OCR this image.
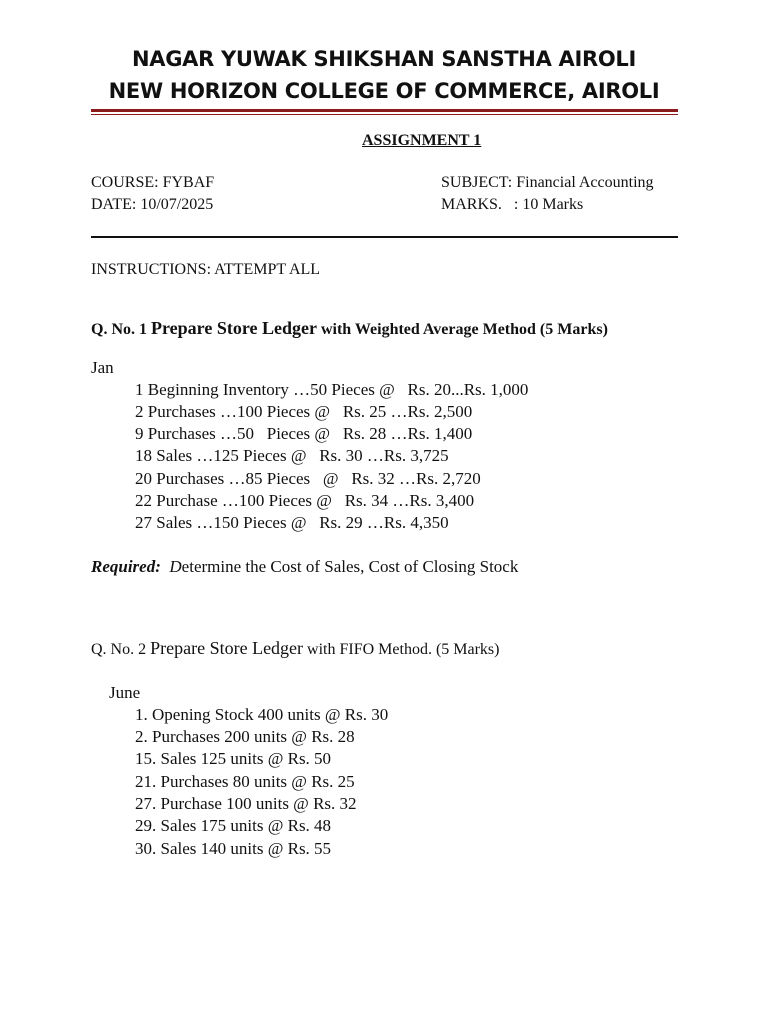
NAGAR YUWAK SHIKSHAN SANSTHA AIROLI
NEW HORIZON COLLEGE OF COMMERCE, AIROLI
ASSIGNMENT 1
COURSE: FYBAF
DATE: 10/07/2025
SUBJECT: Financial Accounting
MARKS.   : 10 Marks
INSTRUCTIONS: ATTEMPT ALL
Q. No. 1 Prepare Store Ledger with Weighted Average Method (5 Marks)
Jan
1 Beginning Inventory …50 Pieces @   Rs. 20...Rs. 1,000
2 Purchases …100 Pieces @   Rs. 25 …Rs. 2,500
9 Purchases …50   Pieces @   Rs. 28 …Rs. 1,400
18 Sales …125 Pieces @   Rs. 30 …Rs. 3,725
20 Purchases …85 Pieces   @   Rs. 32 …Rs. 2,720
22 Purchase …100 Pieces @   Rs. 34 …Rs. 3,400
27 Sales …150 Pieces @   Rs. 29 …Rs. 4,350
Required: Determine the Cost of Sales, Cost of Closing Stock
Q. No. 2 Prepare Store Ledger with FIFO Method. (5 Marks)
June
1. Opening Stock 400 units @ Rs. 30
2. Purchases 200 units @ Rs. 28
15. Sales 125 units @ Rs. 50
21. Purchases 80 units @ Rs. 25
27. Purchase 100 units @ Rs. 32
29. Sales 175 units @ Rs. 48
30. Sales 140 units @ Rs. 55
